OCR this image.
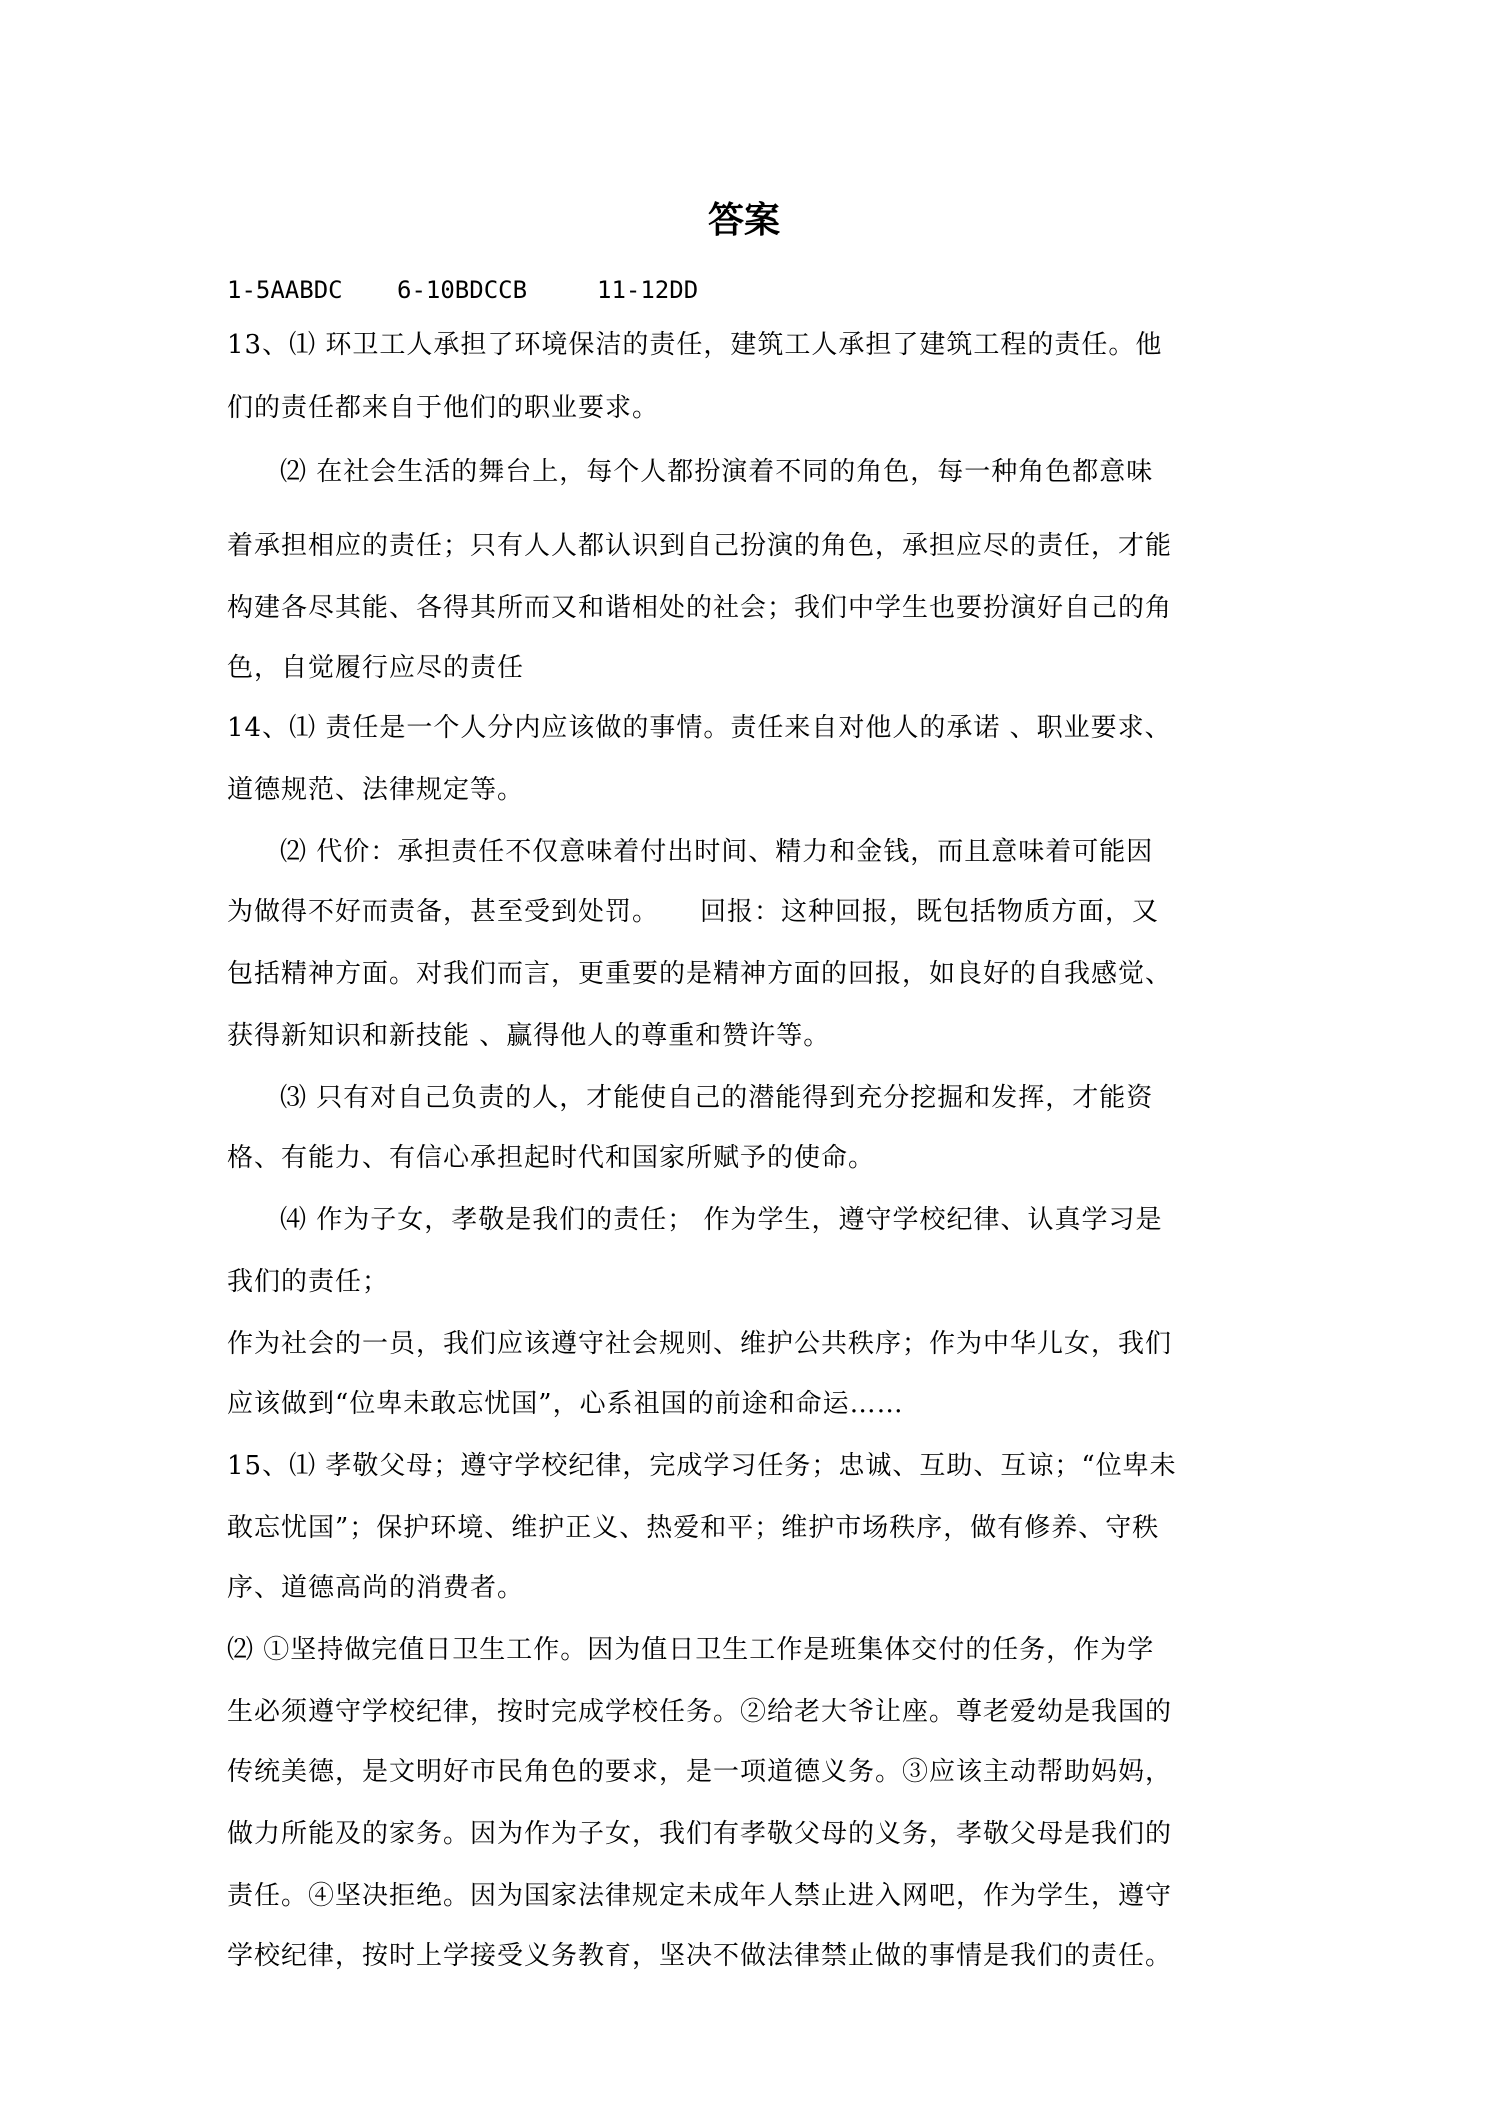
答案
1-5AABDC 6-10BDCCB	11-12DD
13、⑴ 环卫工人承担了环境保洁的责任，建筑工人承担了建筑工程的责任。他
们的责任都来自于他们的职业要求。
⑵ 在社会生活的舞台上，每个人都扮演着不同的角色，每一种角色都意味
着承担相应的责任；只有人人都认识到自己扮演的角色，承担应尽的责任，才能
构建各尽其能、各得其所而又和谐相处的社会；我们中学生也要扮演好自己的角
色，自觉履行应尽的责任
14、⑴ 责任是一个人分内应该做的事情。责任来自对他人的承诺 、职业要求、
道德规范、法律规定等。
⑵ 代价：承担责任不仅意味着付出时间、精力和金钱，而且意味着可能因
为做得不好而责备，甚至受到处罚。　　回报：这种回报，既包括物质方面，又
包括精神方面。对我们而言，更重要的是精神方面的回报，如良好的自我感觉、
获得新知识和新技能 、赢得他人的尊重和赞许等。
⑶ 只有对自己负责的人，才能使自己的潜能得到充分挖掘和发挥，才能资
格、有能力、有信心承担起时代和国家所赋予的使命。
⑷ 作为子女，孝敬是我们的责任； 作为学生，遵守学校纪律、认真学习是
我们的责任；
作为社会的一员，我们应该遵守社会规则、维护公共秩序；作为中华儿女，我们
应该做到“位卑未敢忘忧国”，心系祖国的前途和命运……
15、⑴ 孝敬父母；遵守学校纪律，完成学习任务；忠诚、互助、互谅；“位卑未
敢忘忧国”；保护环境、维护正义、热爱和平；维护市场秩序，做有修养、守秩
序、道德高尚的消费者。
⑵ ①坚持做完值日卫生工作。因为值日卫生工作是班集体交付的任务，作为学
生必须遵守学校纪律，按时完成学校任务。②给老大爷让座。尊老爱幼是我国的
传统美德，是文明好市民角色的要求，是一项道德义务。③应该主动帮助妈妈，
做力所能及的家务。因为作为子女，我们有孝敬父母的义务，孝敬父母是我们的
责任。④坚决拒绝。因为国家法律规定未成年人禁止进入网吧，作为学生，遵守
学校纪律，按时上学接受义务教育，坚决不做法律禁止做的事情是我们的责任。
